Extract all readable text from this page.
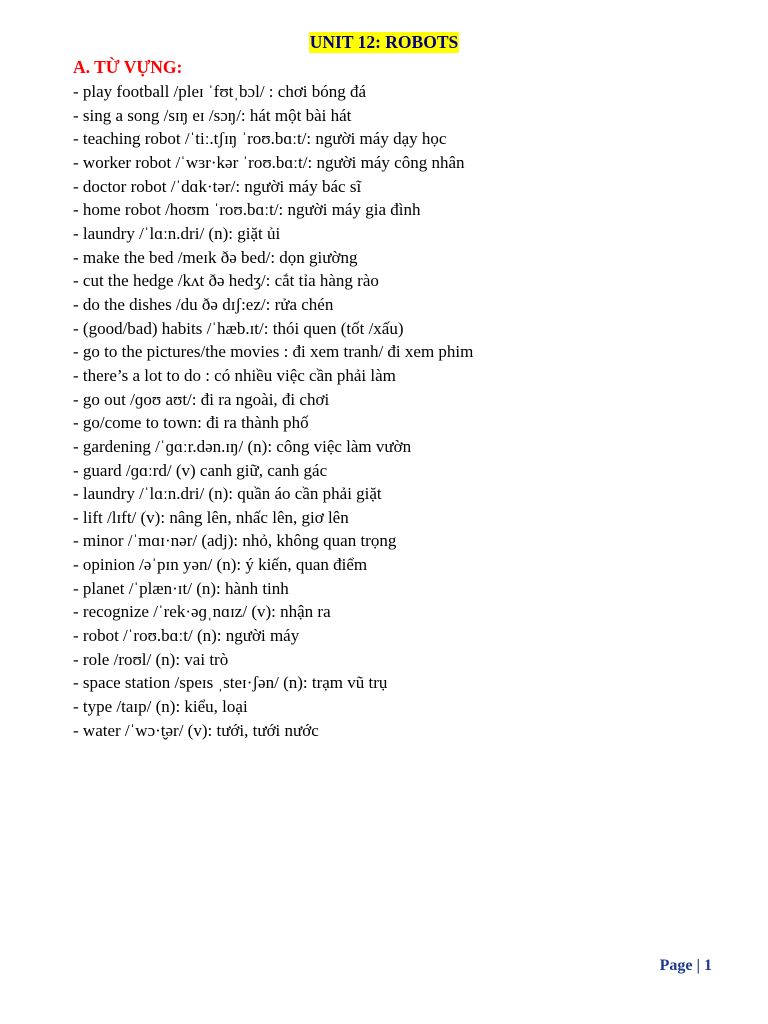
UNIT 12: ROBOTS
A. TỪ VỰNG:
- play football /pleɪ ˈfʊtˌbɔl/ : chơi bóng đá
- sing a song /sɪŋ eɪ /sɔŋ/: hát một bài hát
- teaching robot /ˈtiː.tʃɪŋ ˈroʊ.bɑːt/: người máy dạy học
- worker robot /ˈwɜr·kər ˈroʊ.bɑːt/: người máy công nhân
- doctor robot /ˈdɑk·tər/: người máy bác sĩ
- home robot /hoʊm ˈroʊ.bɑːt/: người máy gia đình
- laundry /ˈlɑːn.dri/ (n): giặt ủi
- make the bed /meɪk ðə bed/: dọn giường
- cut the hedge /kʌt ðə hedʒ/: cắt tỉa hàng rào
- do the dishes /du ðə dɪʃ:ez/: rửa chén
- (good/bad) habits /ˈhæb.ɪt/: thói quen (tốt /xấu)
- go to the pictures/the movies : đi xem tranh/ đi xem phim
- there’s a lot to do : có nhiều việc cần phải làm
- go out /ɡoʊ aʊt/: đi ra ngoài, đi chơi
- go/come to town: đi ra thành phố
- gardening /ˈɡɑːr.dən.ɪŋ/ (n): công việc làm vườn
- guard /ɡɑːrd/ (v) canh giữ, canh gác
- laundry /ˈlɑːn.dri/ (n): quần áo cần phải giặt
- lift /lɪft/ (v): nâng lên, nhấc lên, giơ lên
- minor /ˈmɑɪ·nər/ (adj): nhỏ, không quan trọng
- opinion /əˈpɪn yən/ (n): ý kiến, quan điểm
- planet /ˈplæn·ɪt/ (n): hành tinh
- recognize /ˈrek·əɡˌnɑɪz/ (v): nhận ra
- robot /ˈroʊ.bɑːt/ (n): người máy
- role /roʊl/ (n): vai trò
- space station /speɪs ˌsteɪ·ʃən/ (n): trạm vũ trụ
- type /taɪp/ (n): kiểu, loại
- water /ˈwɔ·t̬ər/ (v): tưới, tưới nước
Page | 1
